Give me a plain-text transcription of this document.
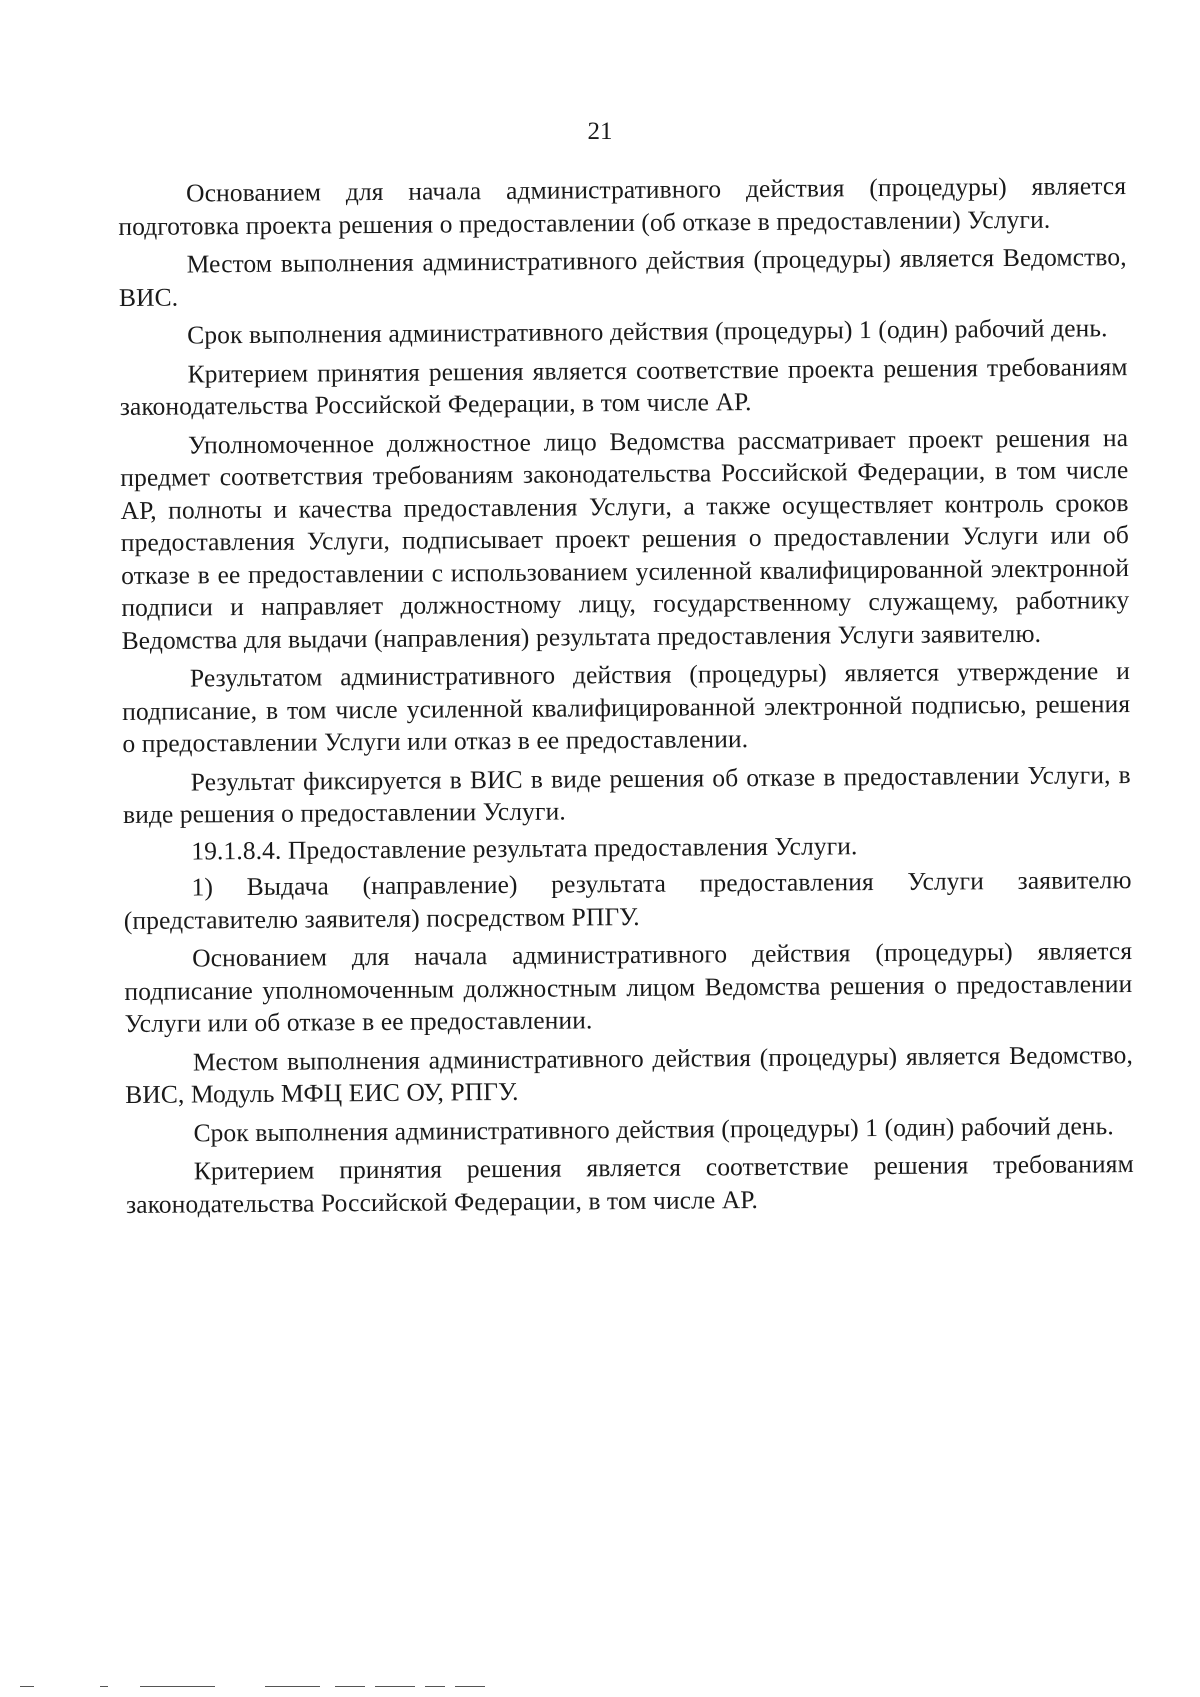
21

Основанием для начала административного действия (процедуры) является подготовка проекта решения о предоставлении (об отказе в предоставлении) Услуги.

Местом выполнения административного действия (процедуры) является Ведомство, ВИС.

Срок выполнения административного действия (процедуры) 1 (один) рабочий день.

Критерием принятия решения является соответствие проекта решения требованиям законодательства Российской Федерации, в том числе АР.

Уполномоченное должностное лицо Ведомства рассматривает проект решения на предмет соответствия требованиям законодательства Российской Федерации, в том числе АР, полноты и качества предоставления Услуги, а также осуществляет контроль сроков предоставления Услуги, подписывает проект решения о предоставлении Услуги или об отказе в ее предоставлении с использованием усиленной квалифицированной электронной подписи и направляет должностному лицу, государственному служащему, работнику Ведомства для выдачи (направления) результата предоставления Услуги заявителю.

Результатом административного действия (процедуры) является утверждение и подписание, в том числе усиленной квалифицированной электронной подписью, решения о предоставлении Услуги или отказ в ее предоставлении.

Результат фиксируется в ВИС в виде решения об отказе в предоставлении Услуги, в виде решения о предоставлении Услуги.

19.1.8.4. Предоставление результата предоставления Услуги.

1) Выдача (направление) результата предоставления Услуги заявителю (представителю заявителя) посредством РПГУ.

Основанием для начала административного действия (процедуры) является подписание уполномоченным должностным лицом Ведомства решения о предоставлении Услуги или об отказе в ее предоставлении.

Местом выполнения административного действия (процедуры) является Ведомство, ВИС, Модуль МФЦ ЕИС ОУ, РПГУ.

Срок выполнения административного действия (процедуры) 1 (один) рабочий день.

Критерием принятия решения является соответствие решения требованиям законодательства Российской Федерации, в том числе АР.
